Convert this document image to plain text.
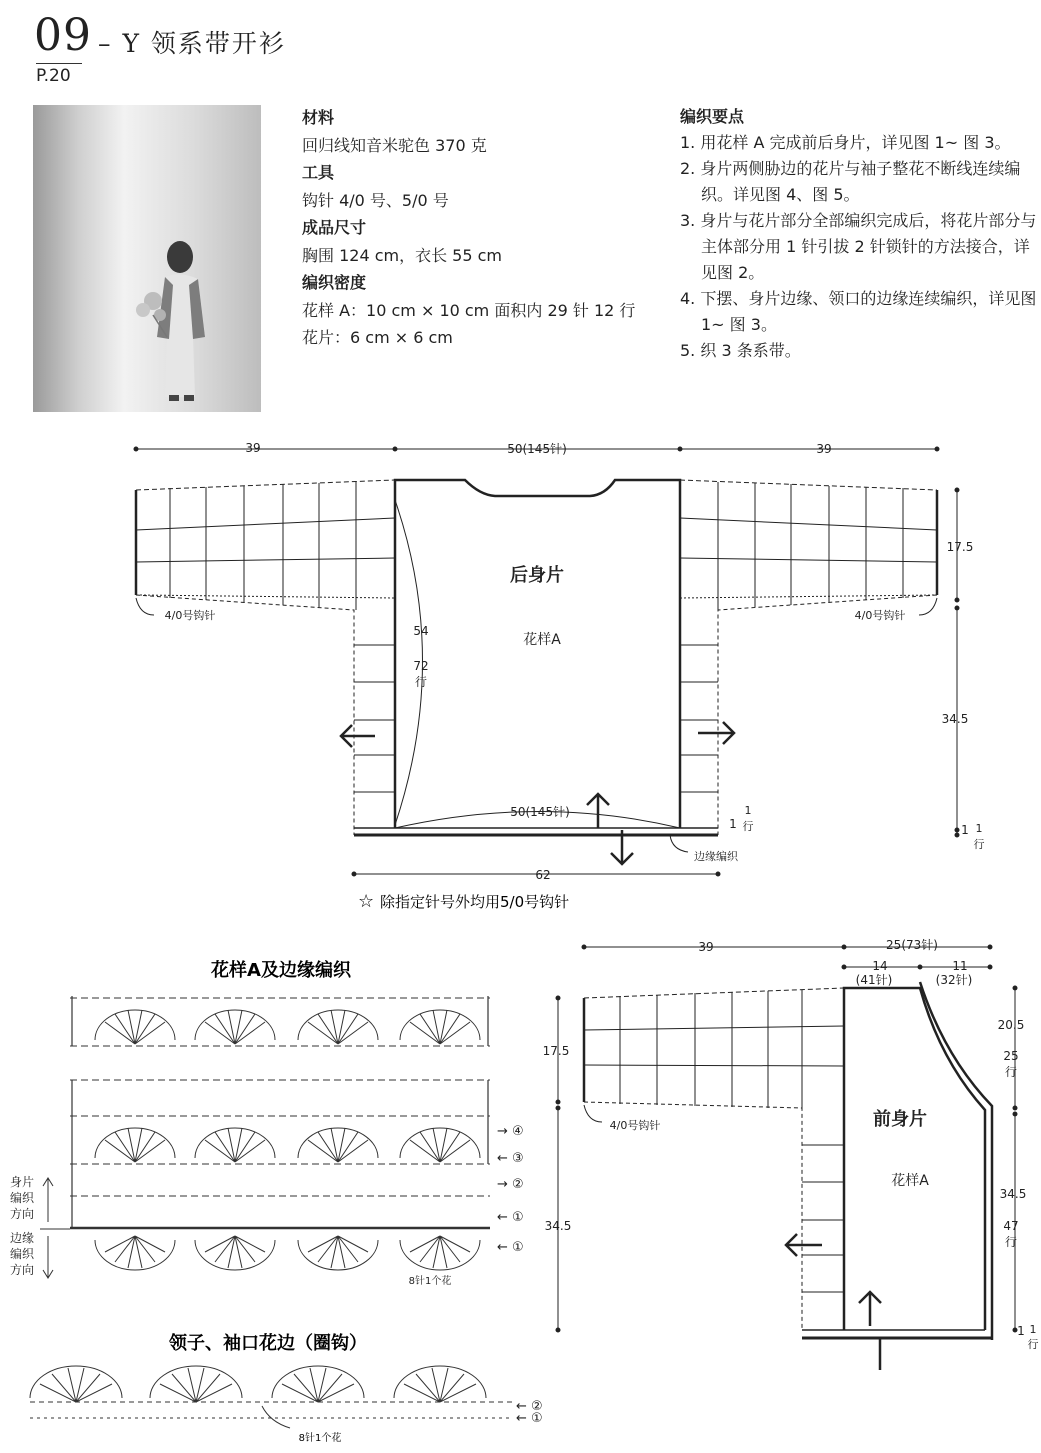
09
P.20
– Y 领系带开衫
材料
回归线知音米驼色 370 克
工具
钩针 4/0 号、5/0 号
成品尺寸
胸围 124 cm，衣长 55 cm
编织密度
花样 A：10 cm × 10 cm 面积内 29 针 12 行
花片：6 cm × 6 cm
编织要点
1. 用花样 A 完成前后身片，详见图 1~ 图 3。
2. 身片两侧胁边的花片与袖子整花不断线连续编织。详见图 4、图 5。
3. 身片与花片部分全部编织完成后，将花片部分与主体部分用 1 针引拔 2 针锁针的方法接合，详见图 2。
4. 下摆、身片边缘、领口的边缘连续编织，详见图 1~ 图 3。
5. 织 3 条系带。
39	50(145针)	39
后身片
花样A
54
72
行
4/0号钩针	4/0号钩针
17.5
34.5
50(145针)
62
边缘编织
1
1
行	1 1
行
☆ 除指定针号外均用5/0号钩针
花样A及边缘编织
身片
编织
方向
边缘
编织
方向
8针1个花
→ ④
← ③
→ ②
← ①
← ①
领子、袖口花边（圈钩）
← ②
← ①
8针1个花
39	25(73针)
14
(41针)
11
(32针)
前身片
花样A
4/0号钩针
17.5
34.5
20.5
25
行
34.5
47
行
1 1
行
